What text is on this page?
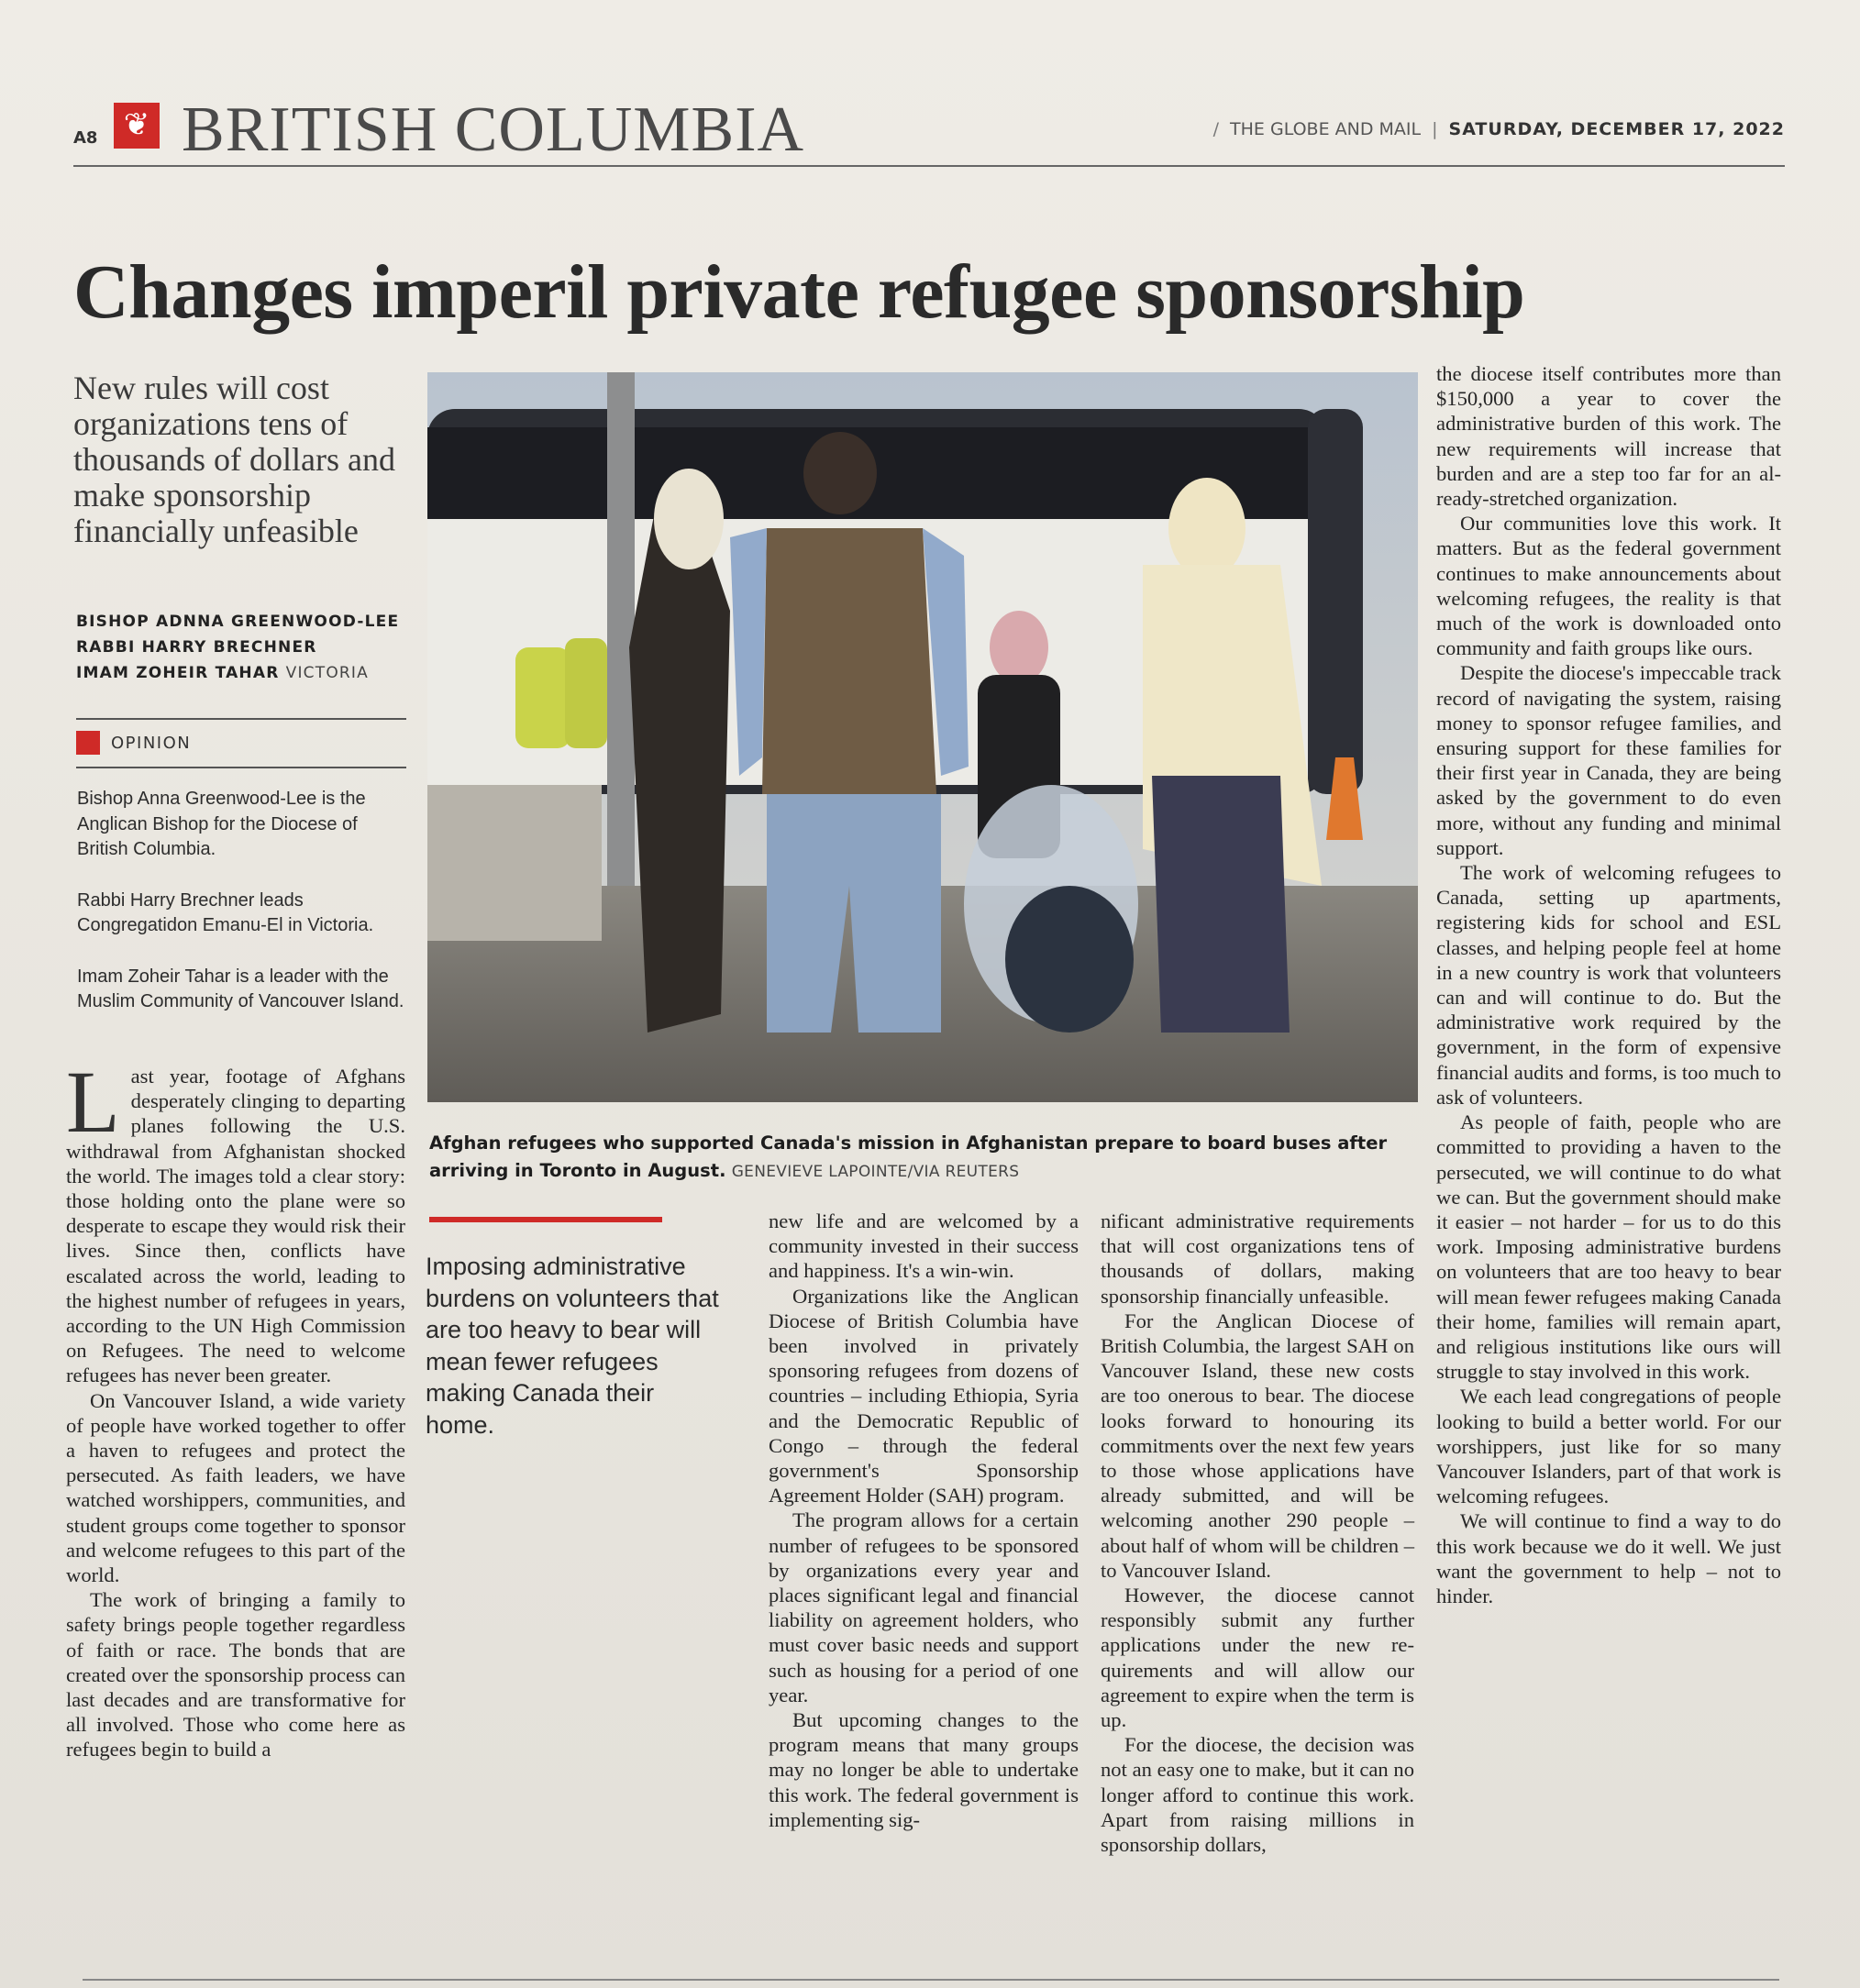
A8 ❦ BRITISH COLUMBIA	/ THE GLOBE AND MAIL | SATURDAY, DECEMBER 17, 2022
Changes imperil private refugee sponsorship
New rules will cost organizations tens of thousands of dollars and make sponsorship financially unfeasible
BISHOP ADNNA GREENWOOD-LEE
RABBI HARRY BRECHNER
IMAM ZOHEIR TAHAR VICTORIA
OPINION

Bishop Anna Greenwood-Lee is the Anglican Bishop for the Diocese of British Columbia.

Rabbi Harry Brechner leads Congregatidon Emanu-El in Victoria.

Imam Zoheir Tahar is a leader with the Muslim Community of Vancouver Island.

Last year, footage of Afghans desperately clinging to departing planes following the U.S. withdrawal from Afghanistan shocked the world. The images told a clear story: those holding onto the plane were so desperate to escape they would risk their lives. Since then, conflicts have escalated across the world, leading to the highest number of refugees in years, according to the UN High Commission on Refugees. The need to welcome refugees has never been greater.

On Vancouver Island, a wide variety of people have worked together to offer a haven to refugees and protect the persecuted. As faith leaders, we have watched worshippers, communities, and student groups come together to sponsor and welcome refugees to this part of the world.

The work of bringing a family to safety brings people together regardless of faith or race. The bonds that are created over the sponsorship process can last decades and are transformative for all involved. Those who come here as refugees begin to build a

Afghan refugees who supported Canada's mission in Afghanistan prepare to board buses after arriving in Toronto in August. GENEVIEVE LAPOINTE/VIA REUTERS
Imposing administrative burdens on volunteers that are too heavy to bear will mean fewer refugees making Canada their home.

new life and are welcomed by a community invested in their success and happiness. It's a win-win.

Organizations like the Anglican Diocese of British Columbia have been involved in privately sponsoring refugees from dozens of countries – including Ethiopia, Syria and the Democratic Republic of Congo – through the federal government's Sponsorship Agreement Holder (SAH) program.

The program allows for a certain number of refugees to be sponsored by organizations every year and places significant legal and financial liability on agreement holders, who must cover basic needs and support such as housing for a period of one year.

But upcoming changes to the program means that many groups may no longer be able to undertake this work. The federal government is implementing sig-

nificant administrative requirements that will cost organizations tens of thousands of dollars, making sponsorship financially unfeasible.

For the Anglican Diocese of British Columbia, the largest SAH on Vancouver Island, these new costs are too onerous to bear. The diocese looks forward to honouring its commitments over the next few years to those whose applications have already submitted, and will be welcoming another 290 people – about half of whom will be children – to Vancouver Island.

However, the diocese cannot responsibly submit any further applications under the new requirements and will allow our agreement to expire when the term is up.

For the diocese, the decision was not an easy one to make, but it can no longer afford to continue this work. Apart from raising millions in sponsorship dollars,

the diocese itself contributes more than $150,000 a year to cover the administrative burden of this work. The new requirements will increase that burden and are a step too far for an already-stretched organization.

Our communities love this work. It matters. But as the federal government continues to make announcements about welcoming refugees, the reality is that much of the work is downloaded onto community and faith groups like ours.

Despite the diocese's impeccable track record of navigating the system, raising money to sponsor refugee families, and ensuring support for these families for their first year in Canada, they are being asked by the government to do even more, without any funding and minimal support.

The work of welcoming refugees to Canada, setting up apartments, registering kids for school and ESL classes, and helping people feel at home in a new country is work that volunteers can and will continue to do. But the administrative work required by the government, in the form of expensive financial audits and forms, is too much to ask of volunteers.

As people of faith, people who are committed to providing a haven to the persecuted, we will continue to do what we can. But the government should make it easier – not harder – for us to do this work. Imposing administrative burdens on volunteers that are too heavy to bear will mean fewer refugees making Canada their home, families will remain apart, and religious institutions like ours will struggle to stay involved in this work.

We each lead congregations of people looking to build a better world. For our worshippers, just like for so many Vancouver Islanders, part of that work is welcoming refugees.

We will continue to find a way to do this work because we do it well. We just want the government to help – not to hinder.
